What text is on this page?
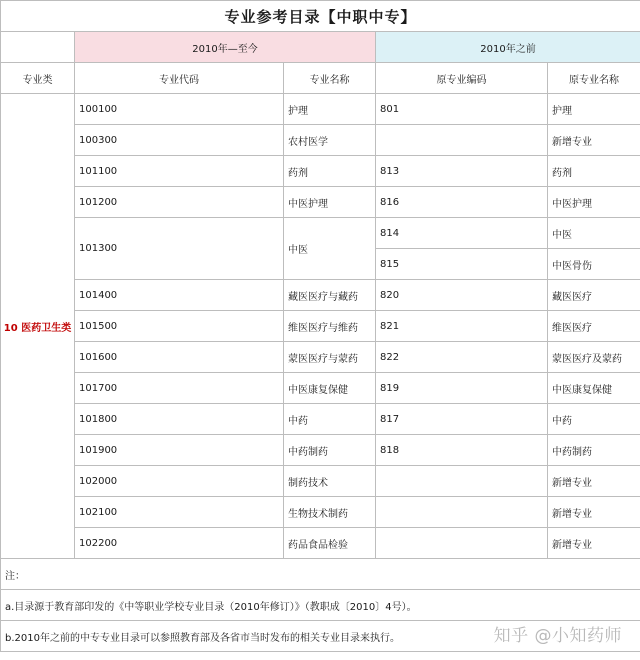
专业参考目录【中职中专】				
	2010年—至今		2010年之前	
专业类	专业代码	专业名称	原专业编码	原专业名称
10 医药卫生类	100100	护理	801	护理
	100300	农村医学		新增专业
	101100	药剂	813	药剂
	101200	中医护理	816	中医护理
	101300	中医	814	中医
			815	中医骨伤
	101400	藏医医疗与藏药	820	藏医医疗
	101500	维医医疗与维药	821	维医医疗
	101600	蒙医医疗与蒙药	822	蒙医医疗及蒙药
	101700	中医康复保健	819	中医康复保健
	101800	中药	817	中药
	101900	中药制药	818	中药制药
	102000	制药技术		新增专业
	102100	生物技术制药		新增专业
	102200	药品食品检验		新增专业
注：				
a.目录源于教育部印发的《中等职业学校专业目录（2010年修订）》（教职成〔2010〕4号）。				
b.2010年之前的中专专业目录可以参照教育部及各省市当时发布的相关专业目录来执行。					知乎 @小知药师
